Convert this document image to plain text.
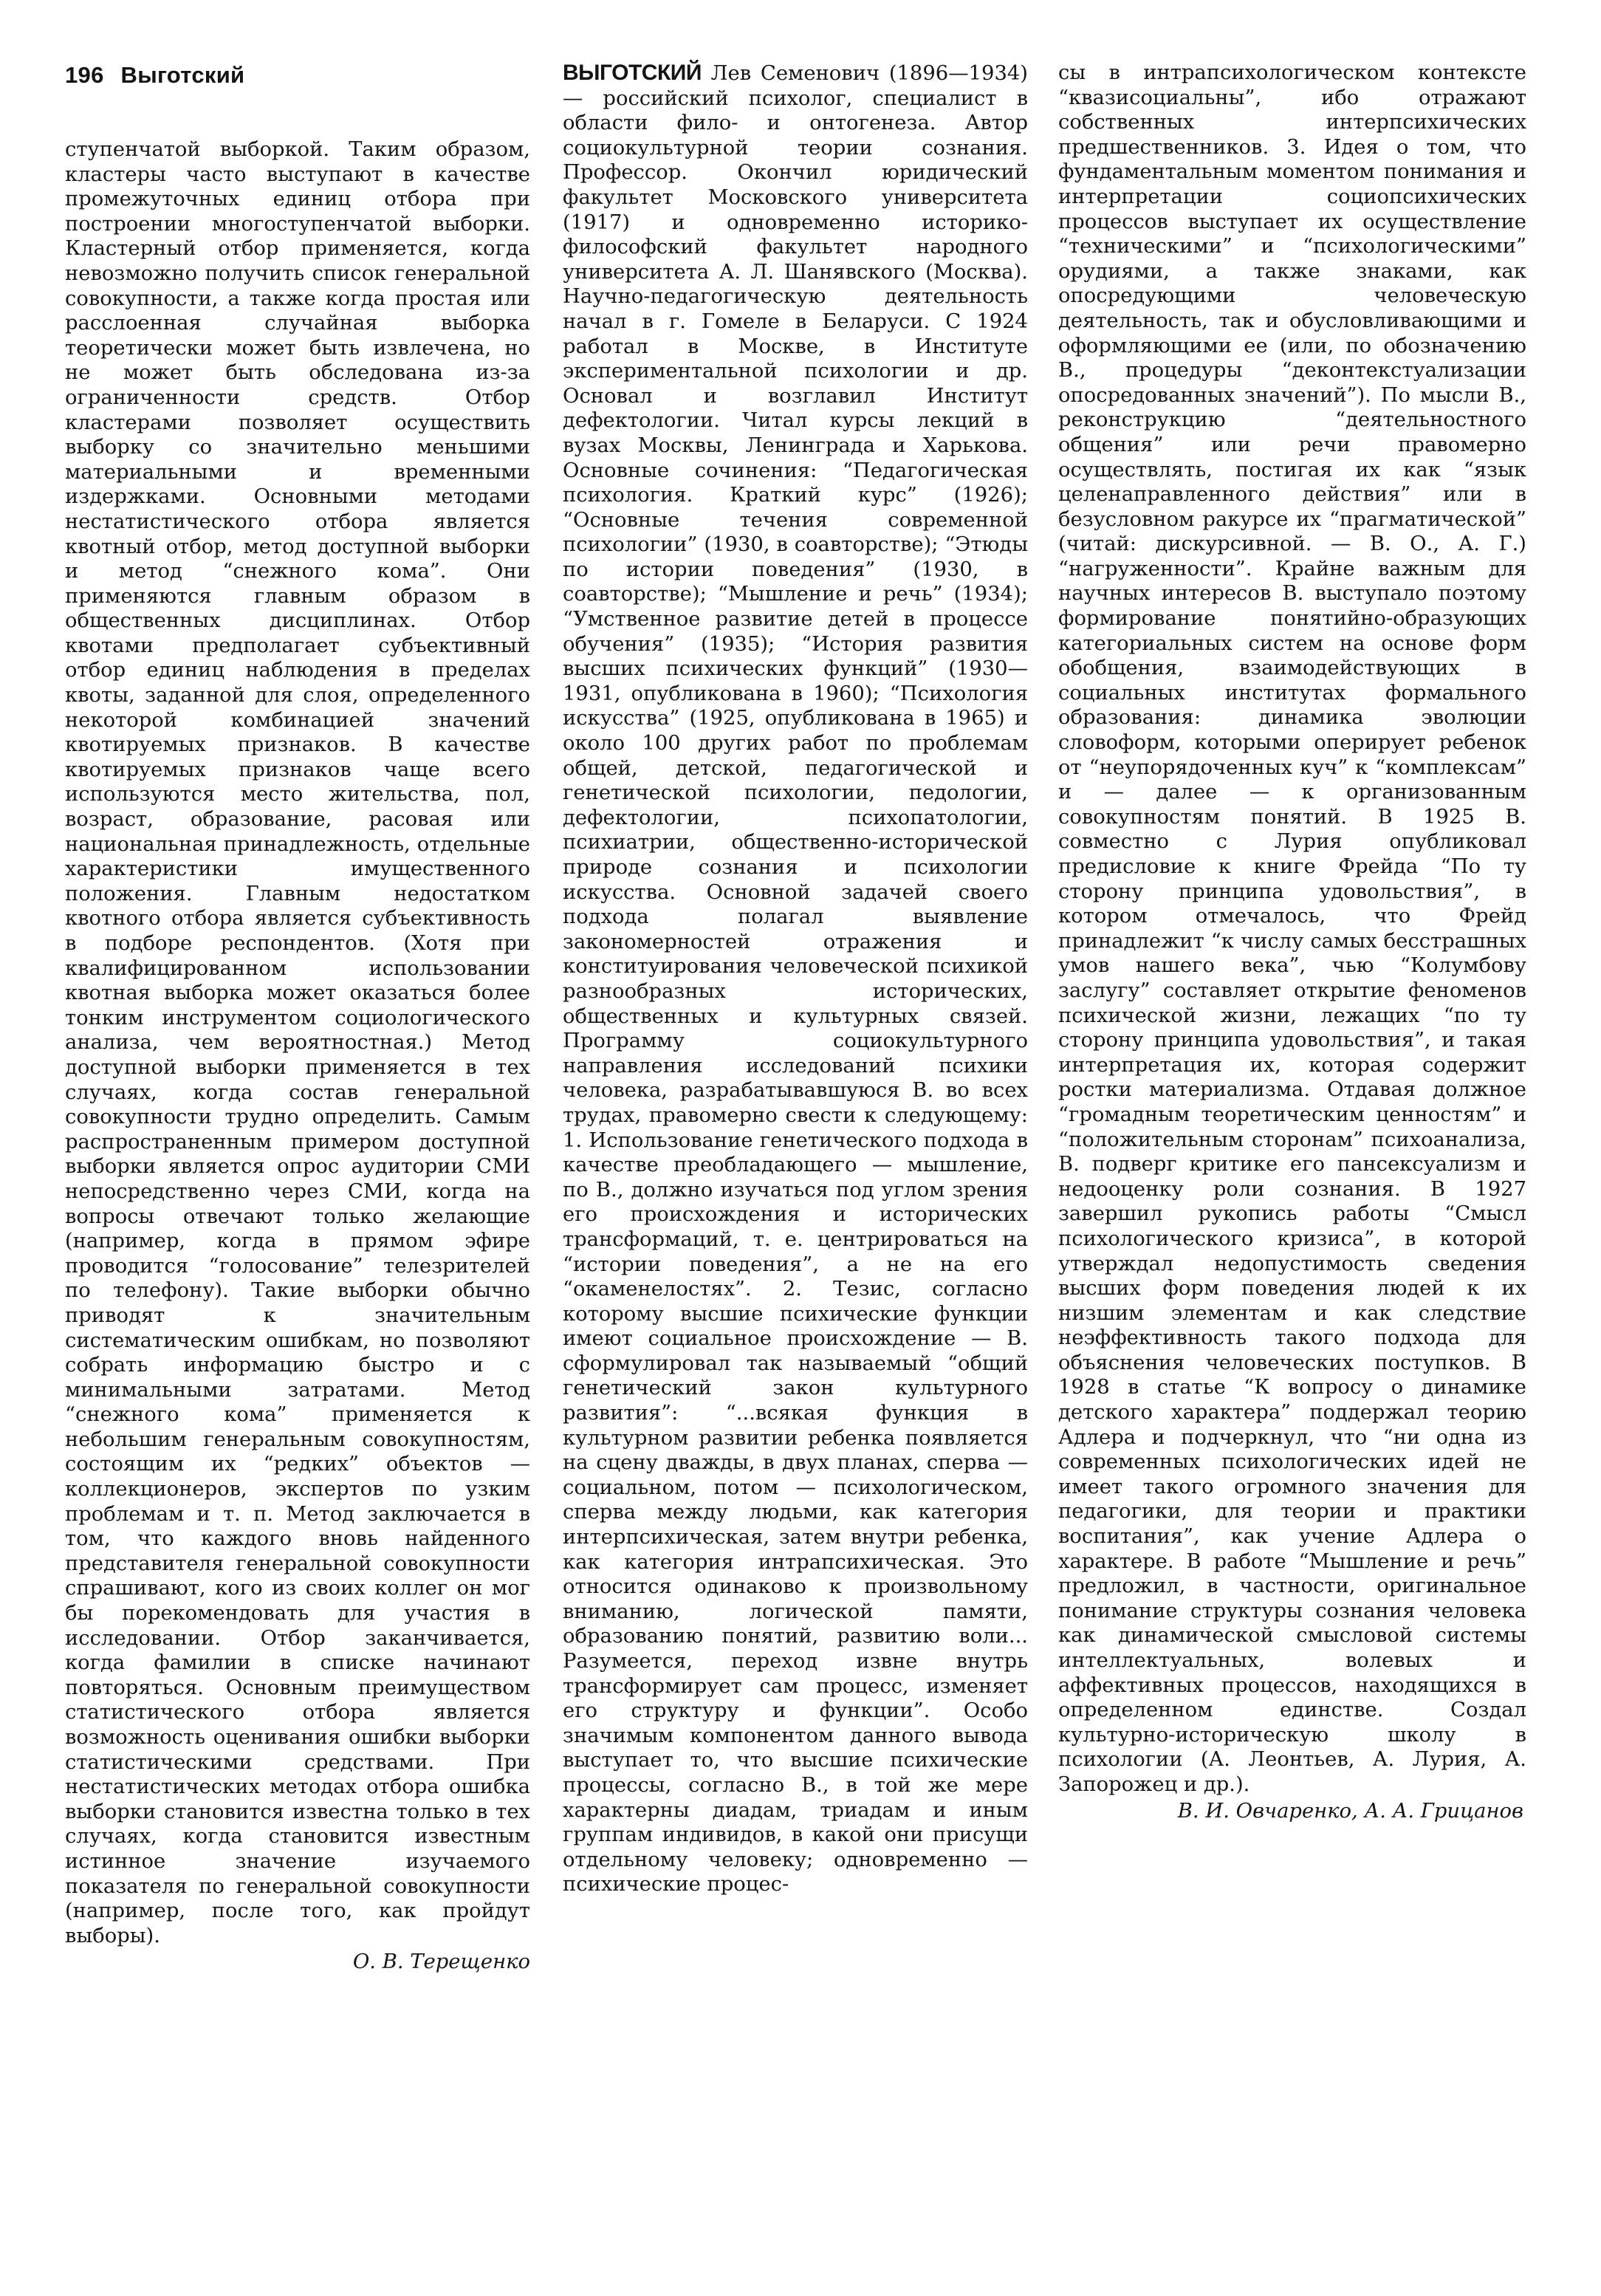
196 Выготский

ступенчатой выборкой. Таким образом, кластеры часто выступают в качестве промежуточных единиц отбора при построении многоступенчатой выборки. Кластерный отбор применяется, когда невозможно получить список генеральной совокупности, а также когда простая или расслоенная случайная выборка теоретически может быть извлечена, но не может быть обследована из-за ограниченности средств. Отбор кластерами позволяет осуществить выборку со значительно меньшими материальными и временными издержками. Основными методами нестатистического отбора является квотный отбор, метод доступной выборки и метод “снежного кома”. Они применяются главным образом в общественных дисциплинах. Отбор квотами предполагает субъективный отбор единиц наблюдения в пределах квоты, заданной для слоя, определенного некоторой комбинацией значений квотируемых признаков. В качестве квотируемых признаков чаще всего используются место жительства, пол, возраст, образование, расовая или национальная принадлежность, отдельные характеристики имущественного положения. Главным недостатком квотного отбора является субъективность в подборе респондентов. (Хотя при квалифицированном использовании квотная выборка может оказаться более тонким инструментом социологического анализа, чем вероятностная.) Метод доступной выборки применяется в тех случаях, когда состав генеральной совокупности трудно определить. Самым распространенным примером доступной выборки является опрос аудитории СМИ непосредственно через СМИ, когда на вопросы отвечают только желающие (например, когда в прямом эфире проводится “голосование” телезрителей по телефону). Такие выборки обычно приводят к значительным систематическим ошибкам, но позволяют собрать информацию быстро и с минимальными затратами. Метод “снежного кома” применяется к небольшим генеральным совокупностям, состоящим их “редких” объектов — коллекционеров, экспертов по узким проблемам и т. п. Метод заключается в том, что каждого вновь найденного представителя генеральной совокупности спрашивают, кого из своих коллег он мог бы порекомендовать для участия в исследовании. Отбор заканчивается, когда фамилии в списке начинают повторяться. Основным преимуществом статистического отбора является возможность оценивания ошибки выборки статистическими средствами. При нестатистических методах отбора ошибка выборки становится известна только в тех случаях, когда становится известным истинное значение изучаемого показателя по генеральной совокупности (например, после того, как пройдут выборы).

О. В. Терещенко

ВЫГОТСКИЙ Лев Семенович (1896—1934) — российский психолог, специалист в области фило- и онтогенеза. Автор социокультурной теории сознания. Профессор. Окончил юридический факультет Московского университета (1917) и одновременно историко-философский факультет народного университета А. Л. Шанявского (Москва). Научно-педагогическую деятельность начал в г. Гомеле в Беларуси. С 1924 работал в Москве, в Институте экспериментальной психологии и др. Основал и возглавил Институт дефектологии. Читал курсы лекций в вузах Москвы, Ленинграда и Харькова. Основные сочинения: “Педагогическая психология. Краткий курс” (1926); “Основные течения современной психологии” (1930, в соавторстве); “Этюды по истории поведения” (1930, в соавторстве); “Мышление и речь” (1934); “Умственное развитие детей в процессе обучения” (1935); “История развития высших психических функций” (1930—1931, опубликована в 1960); “Психология искусства” (1925, опубликована в 1965) и около 100 других работ по проблемам общей, детской, педагогической и генетической психологии, педологии, дефектологии, психопатологии, психиатрии, общественно-исторической природе сознания и психологии искусства. Основной задачей своего подхода полагал выявление закономерностей отражения и конституирования человеческой психикой разнообразных исторических, общественных и культурных связей. Программу социокультурного направления исследований психики человека, разрабатывавшуюся В. во всех трудах, правомерно свести к следующему: 1. Использование генетического подхода в качестве преобладающего — мышление, по В., должно изучаться под углом зрения его происхождения и исторических трансформаций, т. е. центрироваться на “истории поведения”, а не на его “окаменелостях”. 2. Тезис, согласно которому высшие психические функции имеют социальное происхождение — В. сформулировал так называемый “общий генетический закон культурного развития”: “...всякая функция в культурном развитии ребенка появляется на сцену дважды, в двух планах, сперва — социальном, потом — психологическом, сперва между людьми, как категория интерпсихическая, затем внутри ребенка, как категория интрапсихическая. Это относится одинаково к произвольному вниманию, логической памяти, образованию понятий, развитию воли... Разумеется, переход извне внутрь трансформирует сам процесс, изменяет его структуру и функции”. Особо значимым компонентом данного вывода выступает то, что высшие психические процессы, согласно В., в той же мере характерны диадам, триадам и иным группам индивидов, в какой они присущи отдельному человеку; одновременно — психические процес-

сы в интрапсихологическом контексте “квазисоциальны”, ибо отражают собственных интерпсихических предшественников. 3. Идея о том, что фундаментальным моментом понимания и интерпретации социопсихических процессов выступает их осуществление “техническими” и “психологическими” орудиями, а также знаками, как опосредующими человеческую деятельность, так и обусловливающими и оформляющими ее (или, по обозначению В., процедуры “деконтекстуализации опосредованных значений”). По мысли В., реконструкцию “деятельностного общения” или речи правомерно осуществлять, постигая их как “язык целенаправленного действия” или в безусловном ракурсе их “прагматической” (читай: дискурсивной. — В. О., А. Г.) “нагруженности”. Крайне важным для научных интересов В. выступало поэтому формирование понятийно-образующих категориальных систем на основе форм обобщения, взаимодействующих в социальных институтах формального образования: динамика эволюции словоформ, которыми оперирует ребенок от “неупорядоченных куч” к “комплексам” и — далее — к организованным совокупностям понятий. В 1925 В. совместно с Лурия опубликовал предисловие к книге Фрейда “По ту сторону принципа удовольствия”, в котором отмечалось, что Фрейд принадлежит “к числу самых бесстрашных умов нашего века”, чью “Колумбову заслугу” составляет открытие феноменов психической жизни, лежащих “по ту сторону принципа удовольствия”, и такая интерпретация их, которая содержит ростки материализма. Отдавая должное “громадным теоретическим ценностям” и “положительным сторонам” психоанализа, В. подверг критике его пансексуализм и недооценку роли сознания. В 1927 завершил рукопись работы “Смысл психологического кризиса”, в которой утверждал недопустимость сведения высших форм поведения людей к их низшим элементам и как следствие неэффективность такого подхода для объяснения человеческих поступков. В 1928 в статье “К вопросу о динамике детского характера” поддержал теорию Адлера и подчеркнул, что “ни одна из современных психологических идей не имеет такого огромного значения для педагогики, для теории и практики воспитания”, как учение Адлера о характере. В работе “Мышление и речь” предложил, в частности, оригинальное понимание структуры сознания человека как динамической смысловой системы интеллектуальных, волевых и аффективных процессов, находящихся в определенном единстве. Создал культурно-историческую школу в психологии (А. Леонтьев, А. Лурия, А. Запорожец и др.).

В. И. Овчаренко, А. А. Грицанов
